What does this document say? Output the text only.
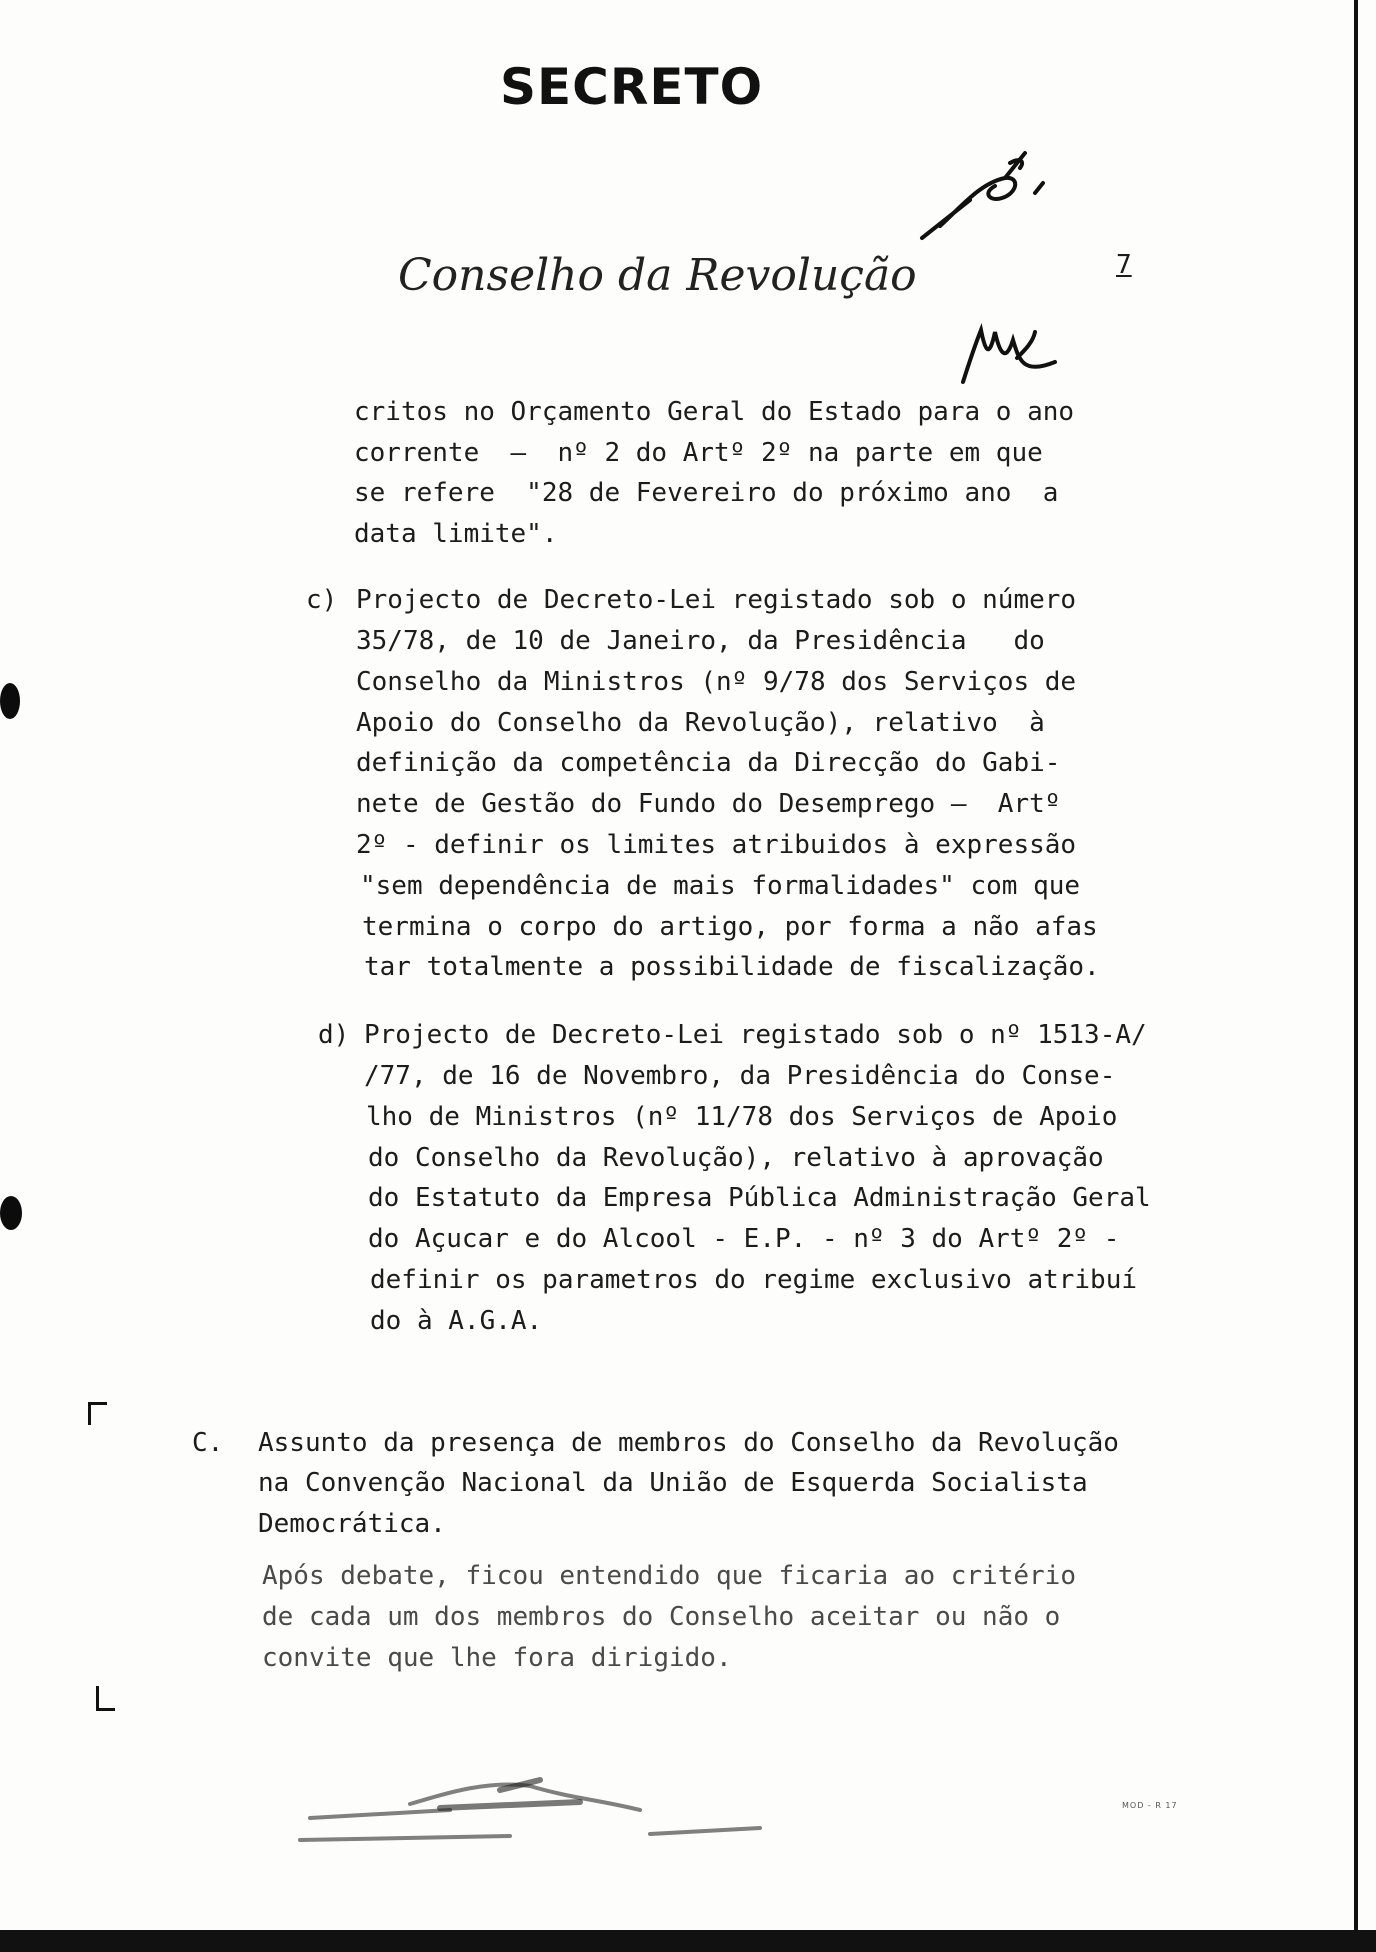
SECRETO
Conselho da Revolução	7

critos no Orçamento Geral do Estado para o ano

corrente  —  nº 2 do Artº 2º na parte em que

se refere  "28 de Fevereiro do próximo ano  a

data limite".

c) Projecto de Decreto-Lei registado sob o número

35/78, de 10 de Janeiro, da Presidência   do

Conselho da Ministros (nº 9/78 dos Serviços de

Apoio do Conselho da Revolução), relativo  à

definição da competência da Direcção do Gabi-

nete de Gestão do Fundo do Desemprego —  Artº

2º - definir os limites atribuidos à expressão

"sem dependência de mais formalidades" com que

termina o corpo do artigo, por forma a não afas

tar totalmente a possibilidade de fiscalização.

d) Projecto de Decreto-Lei registado sob o nº 1513-A/

/77, de 16 de Novembro, da Presidência do Conse-

lho de Ministros (nº 11/78 dos Serviços de Apoio

do Conselho da Revolução), relativo à aprovação

do Estatuto da Empresa Pública Administração Geral

do Açucar e do Alcool - E.P. - nº 3 do Artº 2º -

definir os parametros do regime exclusivo atribuí

do à A.G.A.

C. Assunto da presença de membros do Conselho da Revolução

na Convenção Nacional da União de Esquerda Socialista

Democrática.

Após debate, ficou entendido que ficaria ao critério

de cada um dos membros do Conselho aceitar ou não o

convite que lhe fora dirigido.

MOD - R 17
